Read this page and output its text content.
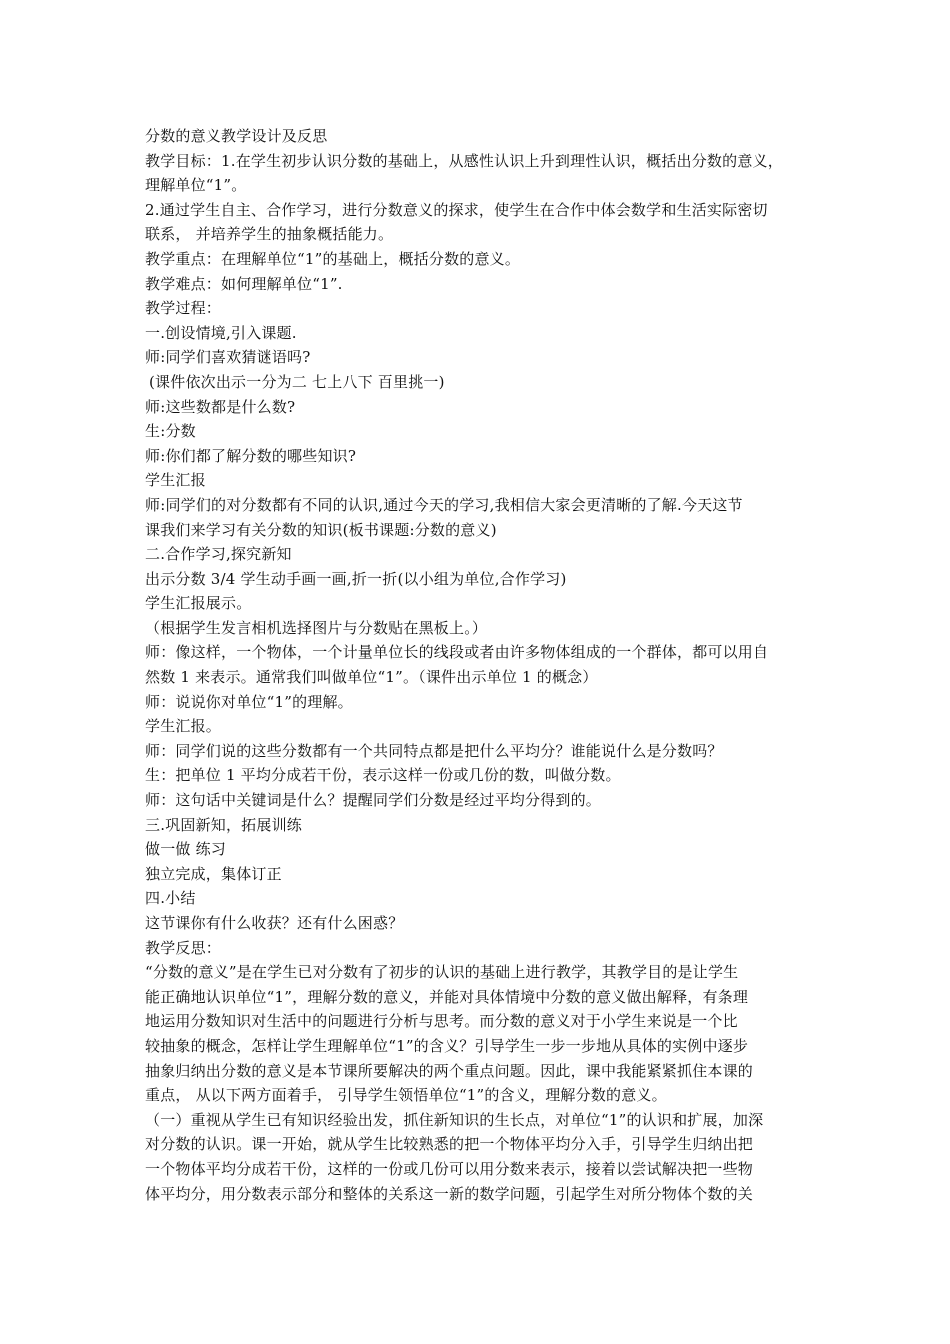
分数的意义教学设计及反思
教学目标：1.在学生初步认识分数的基础上，从感性认识上升到理性认识，概括出分数的意义，
理解单位“1”。
2.通过学生自主、合作学习，进行分数意义的探求，使学生在合作中体会数学和生活实际密切
联系， 并培养学生的抽象概括能力。
教学重点：在理解单位“1”的基础上，概括分数的意义。
教学难点：如何理解单位“1”.
教学过程：
一.创设情境,引入课题.
师:同学们喜欢猜谜语吗?
(课件依次出示一分为二 七上八下 百里挑一)
师:这些数都是什么数?
生:分数
师:你们都了解分数的哪些知识?
学生汇报
师:同学们的对分数都有不同的认识,通过今天的学习,我相信大家会更清晰的了解.今天这节
课我们来学习有关分数的知识(板书课题:分数的意义)
二.合作学习,探究新知
出示分数 3/4 学生动手画一画,折一折(以小组为单位,合作学习)
学生汇报展示。
（根据学生发言相机选择图片与分数贴在黑板上。）
师：像这样，一个物体，一个计量单位长的线段或者由许多物体组成的一个群体，都可以用自
然数 1 来表示。通常我们叫做单位“1”。（课件出示单位 1 的概念）
师：说说你对单位“1”的理解。
学生汇报。
师：同学们说的这些分数都有一个共同特点都是把什么平均分？谁能说什么是分数吗？
生：把单位 1 平均分成若干份，表示这样一份或几份的数，叫做分数。
师：这句话中关键词是什么？提醒同学们分数是经过平均分得到的。
三.巩固新知，拓展训练
做一做 练习
独立完成，集体订正
四.小结
这节课你有什么收获？还有什么困惑？
教学反思：
“分数的意义”是在学生已对分数有了初步的认识的基础上进行教学，其教学目的是让学生
能正确地认识单位“1”，理解分数的意义，并能对具体情境中分数的意义做出解释，有条理
地运用分数知识对生活中的问题进行分析与思考。而分数的意义对于小学生来说是一个比
较抽象的概念，怎样让学生理解单位“1”的含义？引导学生一步一步地从具体的实例中逐步
抽象归纳出分数的意义是本节课所要解决的两个重点问题。因此，课中我能紧紧抓住本课的
重点， 从以下两方面着手， 引导学生领悟单位“1”的含义，理解分数的意义。
（一）重视从学生已有知识经验出发，抓住新知识的生长点，对单位“1”的认识和扩展，加深
对分数的认识。课一开始，就从学生比较熟悉的把一个物体平均分入手，引导学生归纳出把
一个物体平均分成若干份，这样的一份或几份可以用分数来表示，接着以尝试解决把一些物
体平均分，用分数表示部分和整体的关系这一新的数学问题，引起学生对所分物体个数的关
